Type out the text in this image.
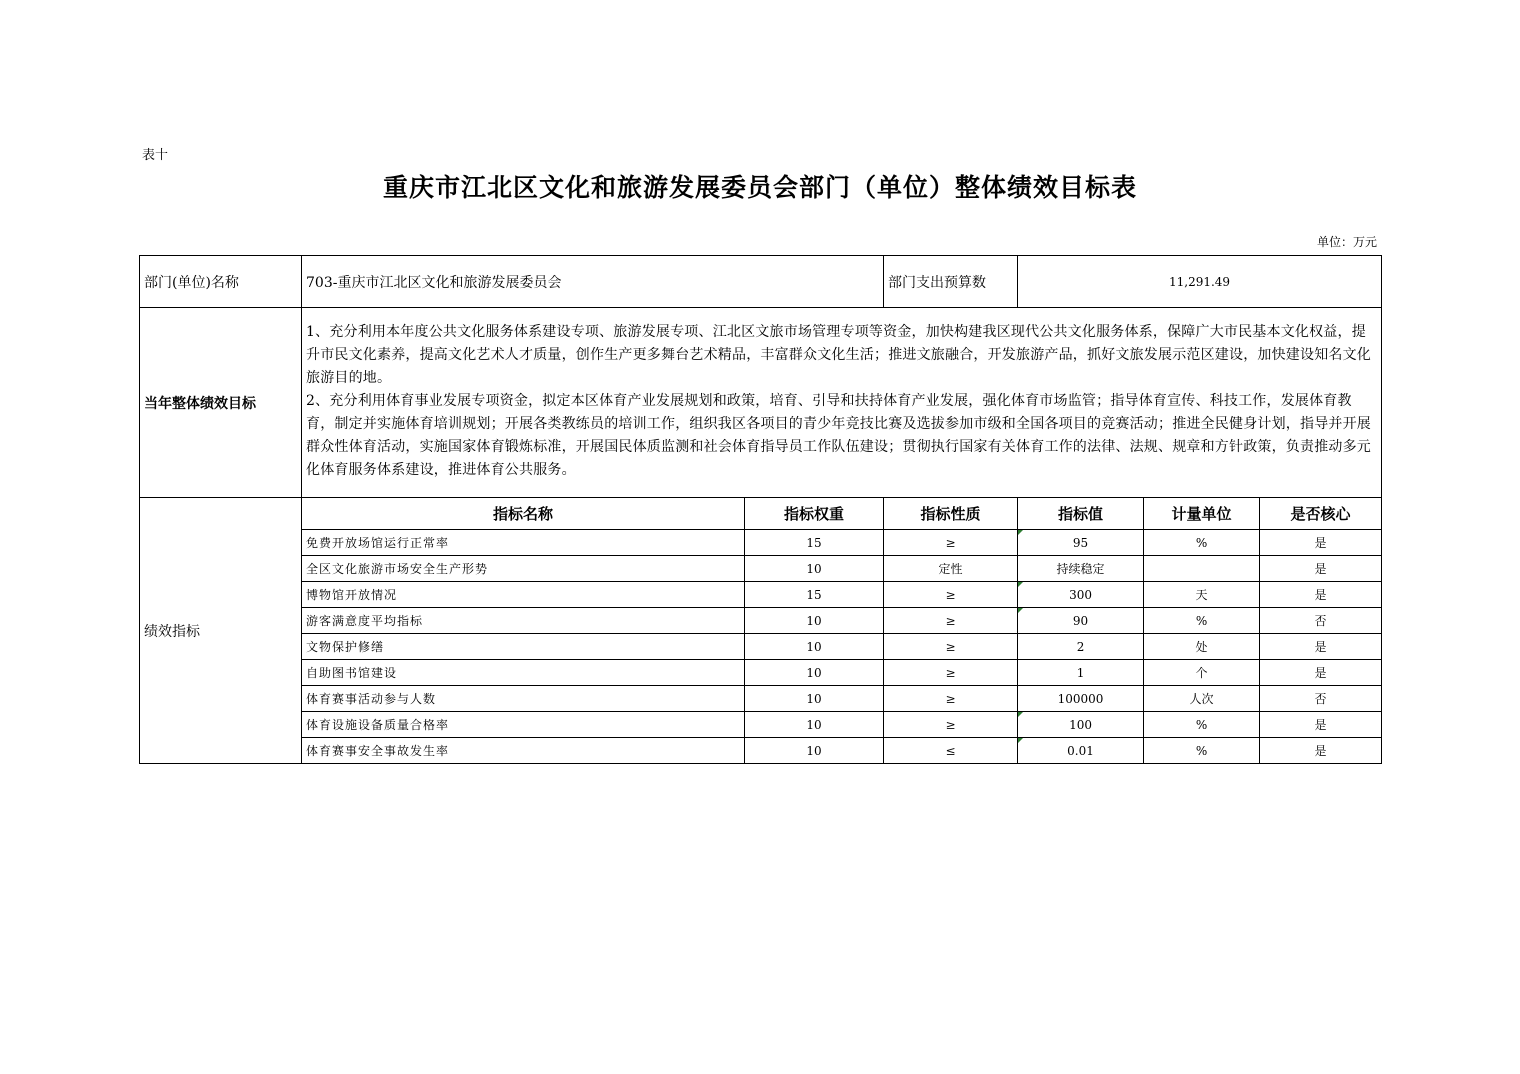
表十
重庆市江北区文化和旅游发展委员会部门（单位）整体绩效目标表
单位：万元
部门(单位)名称	703-重庆市江北区文化和旅游发展委员会		部门支出预算数	11,291.49		
当年整体绩效目标	1、充分利用本年度公共文化服务体系建设专项、旅游发展专项、江北区文旅市场管理专项等资金，加快构建我区现代公共文化服务体系，保障广大市民基本文化权益，提升市民文化素养，提高文化艺术人才质量，创作生产更多舞台艺术精品，丰富群众文化生活；推进文旅融合，开发旅游产品，抓好文旅发展示范区建设，加快建设知名文化旅游目的地。

2、充分利用体育事业发展专项资金，拟定本区体育产业发展规划和政策，培育、引导和扶持体育产业发展，强化体育市场监管；指导体育宣传、科技工作，发展体育教育，制定并实施体育培训规划；开展各类教练员的培训工作，组织我区各项目的青少年竞技比赛及选拔参加市级和全国各项目的竞赛活动；推进全民健身计划，指导并开展群众性体育活动，实施国家体育锻炼标准，开展国民体质监测和社会体育指导员工作队伍建设；贯彻执行国家有关体育工作的法律、法规、规章和方针政策，负责推动多元化体育服务体系建设，推进体育公共服务。					

绩效指标	指标名称	指标权重	指标性质	指标值	计量单位	是否核心
	免费开放场馆运行正常率	15	≥	95	%	是
	全区文化旅游市场安全生产形势	10	定性	持续稳定		是
	博物馆开放情况	15	≥	300	天	是
	游客满意度平均指标	10	≥	90	%	否
	文物保护修缮	10	≥	2	处	是
	自助图书馆建设	10	≥	1	个	是
	体育赛事活动参与人数	10	≥	100000	人次	否
	体育设施设备质量合格率	10	≥	100	%	是
	体育赛事安全事故发生率	10	≤	0.01	%	是
